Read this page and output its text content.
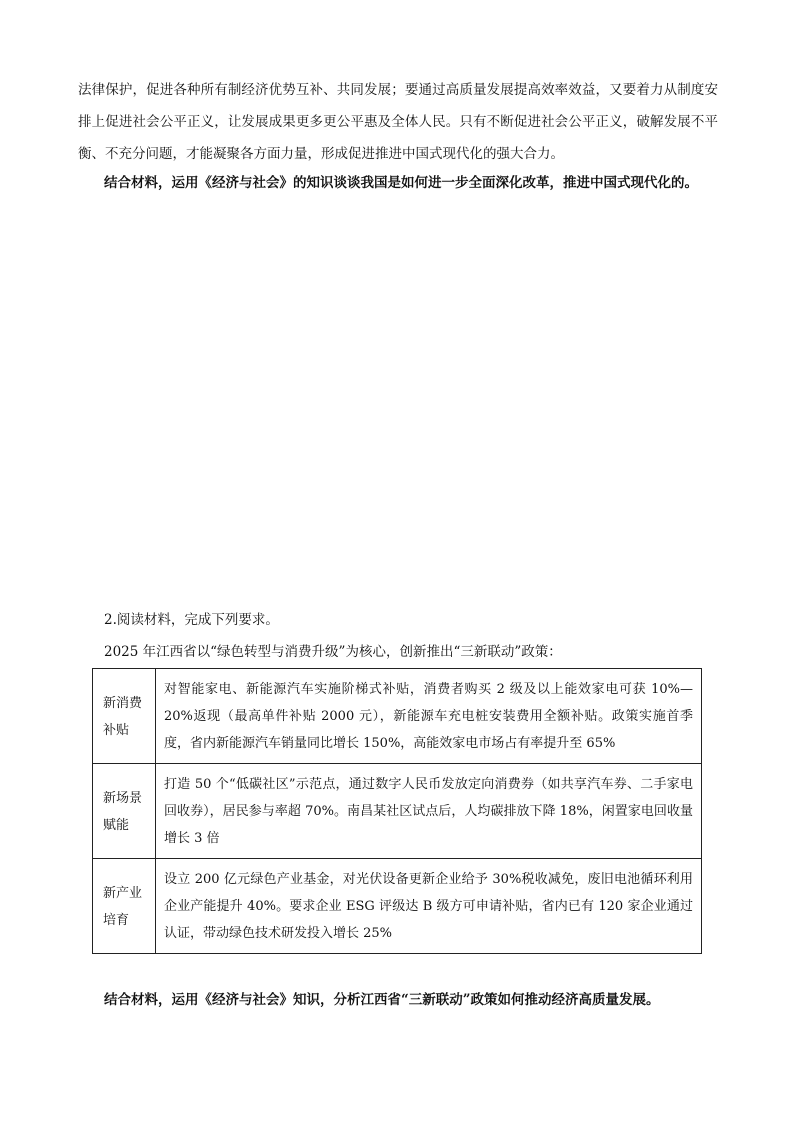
法律保护，促进各种所有制经济优势互补、共同发展；要通过高质量发展提高效率效益，又要着力从制度安排上促进社会公平正义，让发展成果更多更公平惠及全体人民。只有不断促进社会公平正义，破解发展不平衡、不充分问题，才能凝聚各方面力量，形成促进推进中国式现代化的强大合力。

结合材料，运用《经济与社会》的知识谈谈我国是如何进一步全面深化改革，推进中国式现代化的。

2.阅读材料，完成下列要求。

2025 年江西省以“绿色转型与消费升级”为核心，创新推出“三新联动”政策：

新消费补贴	对智能家电、新能源汽车实施阶梯式补贴，消费者购买 2 级及以上能效家电可获 10%—20%返现（最高单件补贴 2000 元），新能源车充电桩安装费用全额补贴。政策实施首季度，省内新能源汽车销量同比增长 150%，高能效家电市场占有率提升至 65%
新场景赋能	打造 50 个“低碳社区”示范点，通过数字人民币发放定向消费券（如共享汽车券、二手家电回收券），居民参与率超 70%。南昌某社区试点后，人均碳排放下降 18%，闲置家电回收量增长 3 倍
新产业培育	设立 200 亿元绿色产业基金，对光伏设备更新企业给予 30%税收减免，废旧电池循环利用企业产能提升 40%。要求企业 ESG 评级达 B 级方可申请补贴，省内已有 120 家企业通过认证，带动绿色技术研发投入增长 25%

结合材料，运用《经济与社会》知识，分析江西省“三新联动”政策如何推动经济高质量发展。
